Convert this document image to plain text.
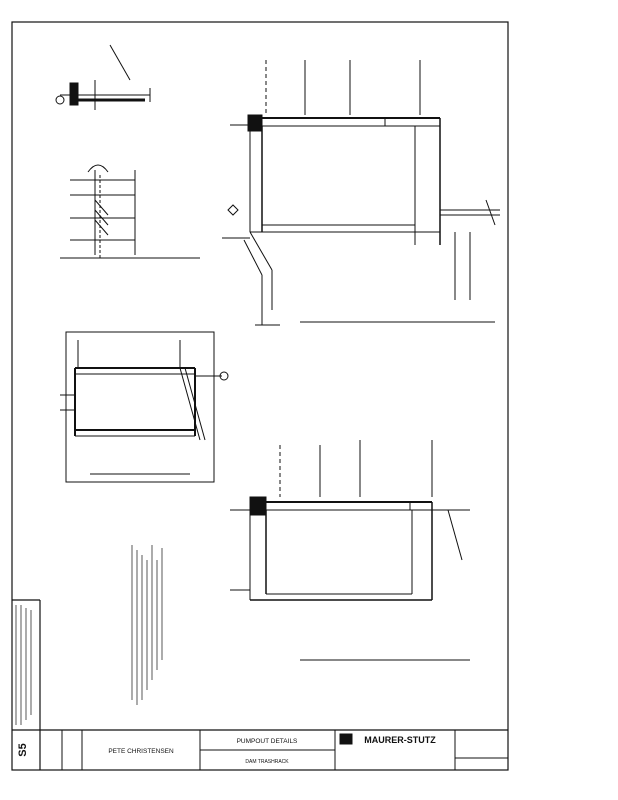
S5	PETE CHRISTENSEN
PUMPOUT DETAILS
DAM TRASHRACK
MAURER-STUTZ
